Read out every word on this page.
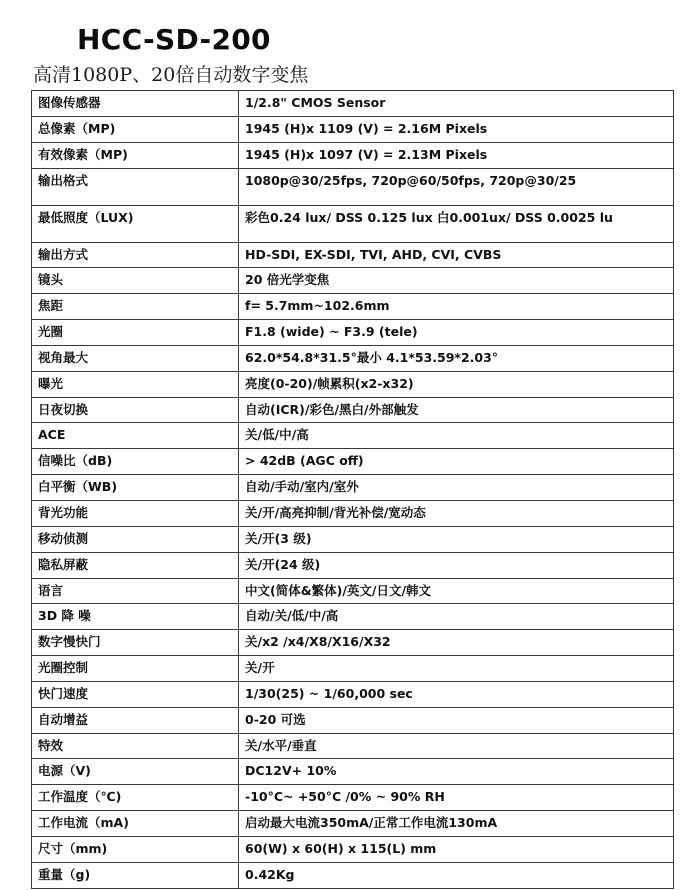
HCC-SD-200
高清1080P、20倍自动数字变焦
图像传感器	1/2.8" CMOS Sensor
总像素（MP)	1945 (H)x 1109 (V) = 2.16M Pixels
有效像素（MP)	1945 (H)x 1097 (V) = 2.13M Pixels
输出格式	1080p@30/25fps, 720p@60/50fps, 720p@30/25
最低照度（LUX)	彩色0.24 lux/ DSS 0.125 lux 白0.001ux/ DSS 0.0025 lu
输出方式	HD-SDI, EX-SDI, TVI, AHD, CVI, CVBS
镜头	20 倍光学变焦
焦距	f= 5.7mm~102.6mm
光圈	F1.8 (wide) ~ F3.9 (tele)
视角最大	62.0*54.8*31.5°最小 4.1*53.59*2.03°
曝光	亮度(0-20)/帧累积(x2-x32)
日夜切换	自动(ICR)/彩色/黑白/外部触发
ACE	关/低/中/高
信噪比（dB)	> 42dB (AGC off)
白平衡（WB)	自动/手动/室内/室外
背光功能	关/开/高亮抑制/背光补偿/宽动态
移动侦测	关/开(3 级)
隐私屏蔽	关/开(24 级)
语言	中文(简体&繁体)/英文/日文/韩文
3D 降 噪	自动/关/低/中/高
数字慢快门	关/x2 /x4/X8/X16/X32
光圈控制	关/开
快门速度	1/30(25) ~ 1/60,000 sec
自动增益	0-20 可选
特效	关/水平/垂直
电源（V)	DC12V+ 10%
工作温度（℃)	-10°C~ +50°C /0% ~ 90% RH
工作电流（mA)	启动最大电流350mA/正常工作电流130mA
尺寸（mm)	60(W) x 60(H) x 115(L) mm
重量（g)	0.42Kg
